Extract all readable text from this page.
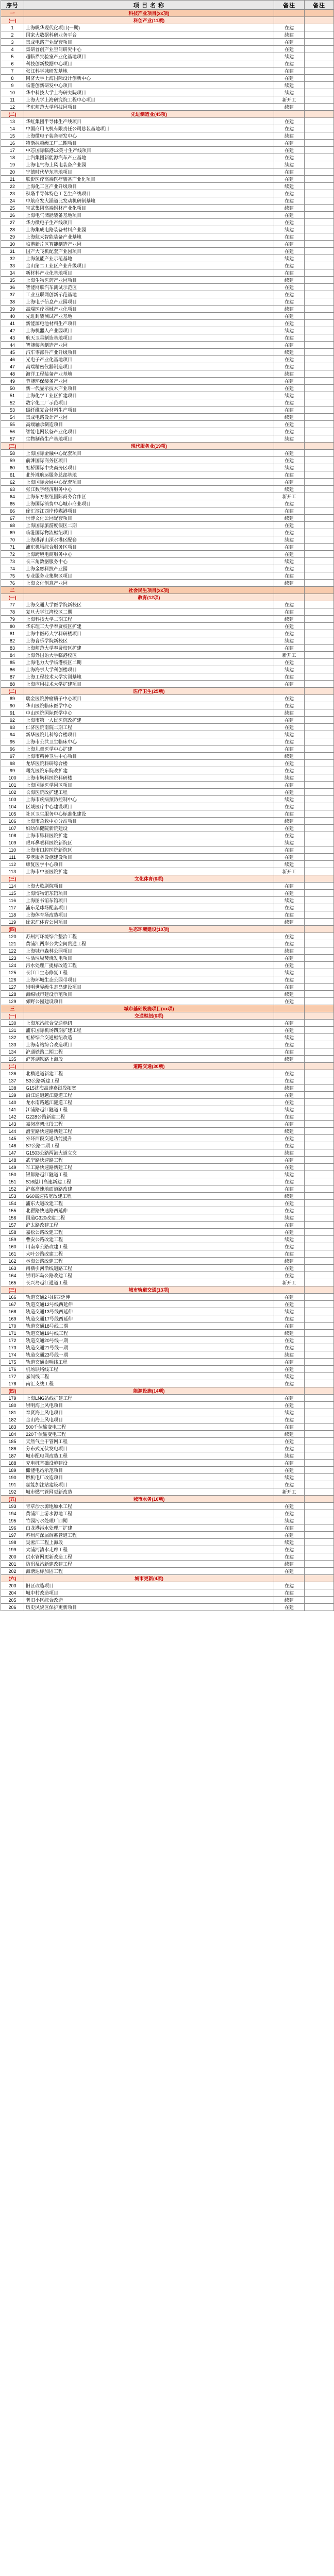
序号	项 目 名 称	备注	备注
一	科技产业项目(xx项)		
(一)	科创产业(11项)		
1	上海帆华现代化项目(一期)	在建	
2	国家大数据科研业务平台	续建	
3	集成电路产业配套项目	在建	
4	集研首创产业空间研究中心	在建	
5	超临界实验室产业化基地项目	续建	
6	科技创新数据中心项目	在建	
7	张江科学城研发基地	在建	
8	同济大学上海国际设计创新中心	在建	
9	临港创新研发中心项目	续建	
10	华中科技大学上海研究院项目	续建	
11	上海大学上海研究院工程中心项目	新开工	
12	华东师范大学科技园项目	续建	
(二)	先进制造业(45项)		
13	华虹集团半导体生产线项目	在建	
14	中国商用飞机有限责任公司总装基地项目	在建	
15	上海微电子装备研发中心	续建	
16	特斯拉超级工厂二期项目	在建	
17	中芯国际临港12英寸生产线项目	在建	
18	上汽集团新能源汽车产业基地	在建	
19	上海电气海上风电装备产业园	续建	
20	宁德时代华东基地项目	在建	
21	联影医疗高端医疗装备产业化项目	在建	
22	上海化工区产业升级项目	续建	
23	积塔半导体特色工艺生产线项目	在建	
24	中航商发大涵道比发动机研制基地	在建	
25	宝武集团高端钢材产业化项目	续建	
26	上海电气储能装备基地项目	在建	
27	华力微电子生产线项目	在建	
28	上海集成电路装备材料产业园	续建	
29	上海航天智能装备产业基地	在建	
30	临港新片区智能制造产业园	在建	
31	国产大飞机配套产业园项目	在建	
32	上海氢能产业示范基地	续建	
33	金山第二工业区产业升级项目	在建	
34	新材料产业化基地项目	在建	
35	上海生物医药产业园项目	续建	
36	智能网联汽车测试示范区	在建	
37	工业互联网创新示范基地	在建	
38	上海电子信息产业园项目	在建	
39	高端医疗器械产业化项目	续建	
40	先进封装测试产业基地	在建	
41	新能源电池材料生产项目	在建	
42	上海机器人产业园项目	续建	
43	航天卫星制造基地项目	在建	
44	智能装备制造产业园	在建	
45	汽车零部件产业升级项目	续建	
46	光电子产业化基地项目	在建	
47	高端精密仪器制造项目	在建	
48	海洋工程装备产业基地	续建	
49	节能环保装备产业园	在建	
50	新一代显示技术产业项目	在建	
51	上海化学工业区扩建项目	续建	
52	数字化工厂示范项目	在建	
53	碳纤维复合材料生产项目	在建	
54	集成电路设计产业园	续建	
55	高端轴承制造项目	在建	
56	智能电网装备产业化项目	在建	
57	生物制药生产基地项目	续建	
(三)	现代服务业(19项)		
58	上海国际金融中心配套项目	在建	
59	前滩国际商务区项目	在建	
60	虹桥国际中央商务区项目	续建	
61	北外滩航运服务总部基地	在建	
62	上海国际会展中心配套项目	在建	
63	张江数字经济服务中心	续建	
64	上海东方枢纽国际商务合作区	新开工	
65	上海国际消费中心城市商业项目	在建	
66	徐汇滨江西岸传媒港项目	在建	
67	世博文化公园配套项目	续建	
68	上海国际旅游度假区二期	在建	
69	临港国际物流枢纽项目	在建	
70	上海港洋山深水港区配套	续建	
71	浦东机场综合服务区项目	在建	
72	上海跨境电商服务中心	在建	
73	长三角数据服务中心	续建	
74	上海金融科技产业园	在建	
75	专业服务业集聚区项目	在建	
76	上海文化创意产业园	续建	
二	社会民生项目(xx项)		
(一)	教育(12项)		
77	上海交通大学医学院新校区	在建	
78	复旦大学江湾校区二期	在建	
79	上海科技大学二期工程	续建	
80	华东理工大学奉贤校区扩建	在建	
81	上海中医药大学科研楼项目	在建	
82	上海音乐学院新校区	续建	
83	上海师范大学奉贤校区扩建	在建	
84	上海外国语大学临港校区	新开工	
85	上海电力大学临港校区二期	在建	
86	上海海事大学科创楼项目	续建	
87	上海工程技术大学实训基地	在建	
88	上海应用技术大学扩建项目	在建	
(二)	医疗卫生(25项)		
89	瑞金医院肿瘤质子中心项目	在建	
90	华山医院临床医学中心	在建	
91	中山医院国际医学中心	续建	
92	上海市第一人民医院改扩建	在建	
93	仁济医院南院二期工程	在建	
94	新华医院儿科综合楼项目	续建	
95	上海市公共卫生临床中心	在建	
96	上海儿童医学中心扩建	在建	
97	上海市精神卫生中心项目	续建	
98	龙华医院科研综合楼	在建	
99	曙光医院东院改扩建	在建	
100	上海市胸科医院科研楼	续建	
101	上海国际医学园区项目	在建	
102	长海医院改扩建工程	在建	
103	上海市疾病预防控制中心	续建	
104	区域医疗中心建设项目	在建	
105	社区卫生服务中心标准化建设	在建	
106	上海市急救中心分站项目	续建	
107	妇幼保健院新院建设	在建	
108	上海市肺科医院扩建	在建	
109	眼耳鼻喉科医院新院区	续建	
110	上海市口腔医院新院区	在建	
111	养老服务设施建设项目	在建	
112	康复医学中心项目	续建	
113	上海市中医医院扩建	新开工	
(三)	文化体育(6项)		
114	上海大歌剧院项目	在建	
115	上海博物馆东馆项目	在建	
116	上海图书馆东馆项目	续建	
117	浦东足球场配套项目	在建	
118	上海体育场改造项目	在建	
119	徐家汇体育公园项目	续建	
(四)	生态环境建设(10项)		
120	苏州河环境综合整治工程	在建	
121	黄浦江两岸公共空间贯通工程	在建	
122	上海城市森林公园项目	续建	
123	生活垃圾焚烧发电项目	在建	
124	污水处理厂提标改造工程	在建	
125	长江口生态修复工程	续建	
126	上海环城生态公园带项目	在建	
127	崇明世界级生态岛建设项目	在建	
128	海绵城市建设示范项目	续建	
129	郊野公园建设项目	在建	
三	城市基础设施项目(xx项)		
(一)	交通枢纽(6项)		
130	上海东站综合交通枢纽	在建	
131	浦东国际机场四期扩建工程	在建	
132	虹桥综合交通枢纽改造	续建	
133	上海南站综合改造项目	在建	
134	沪通铁路二期工程	在建	
135	沪苏湖铁路上海段	续建	
(二)	道路交通(30项)		
136	北横通道新建工程	在建	
137	S3公路新建工程	在建	
138	G15沈海高速嘉浏段拓宽	续建	
139	沿江通道越江隧道工程	在建	
140	龙水南路越江隧道工程	在建	
141	江浦路越江隧道工程	续建	
142	G228公路新建工程	在建	
143	嘉闵高架北段工程	在建	
144	漕宝路快速路新建工程	续建	
145	外环西段交通功能提升	在建	
146	S7公路二期工程	在建	
147	G1503公路两港大道立交	续建	
148	武宁路快速路工程	在建	
149	军工路快速路新建工程	在建	
150	银都路越江隧道工程	续建	
151	S16蕰川高速新建工程	在建	
152	沪嘉高速地面道路改建	在建	
153	G60高速拓宽改建工程	续建	
154	浦东大道改建工程	在建	
155	北翟路快速路西延伸	在建	
156	国道G320改建工程	续建	
157	沪太路改建工程	在建	
158	嘉松公路改建工程	在建	
159	曹安公路改建工程	续建	
160	川南奉公路改建工程	在建	
161	大叶公路改建工程	在建	
162	林海公路改建工程	续建	
163	南横引河沿线道路工程	在建	
164	崇明环岛公路改建工程	在建	
165	长兴岛越江通道工程	新开工	
(三)	城市轨道交通(13项)		
166	轨道交通2号线西延伸	在建	
167	轨道交通12号线西延伸	在建	
168	轨道交通13号线西延伸	续建	
169	轨道交通17号线西延伸	在建	
170	轨道交通18号线二期	在建	
171	轨道交通19号线工程	续建	
172	轨道交通20号线一期	在建	
173	轨道交通21号线一期	在建	
174	轨道交通23号线一期	续建	
175	轨道交通崇明线工程	在建	
176	机场联络线工程	在建	
177	嘉闵线工程	续建	
178	南汇支线工程	在建	
(四)	能源设施(14项)		
179	上海LNG站线扩建工程	在建	
180	崇明海上风电项目	在建	
181	奉贤海上风电项目	续建	
182	金山海上风电项目	在建	
183	500千伏输变电工程	在建	
184	220千伏输变电工程	续建	
185	天然气主干管网工程	在建	
186	分布式光伏发电项目	在建	
187	城市配电网改造工程	续建	
188	充电桩基础设施建设	在建	
189	储能电站示范项目	在建	
190	燃机电厂改造项目	续建	
191	氢能加注站建设项目	在建	
192	城市燃气管网更新改造	新开工	
(五)	城市水务(10项)		
193	青草沙水源地原水工程	在建	
194	黄浦江上游水源地工程	在建	
195	竹园污水处理厂四期	续建	
196	白龙港污水处理厂扩建	在建	
197	苏州河深层调蓄管道工程	在建	
198	吴淞江工程上海段	续建	
199	太浦河清水走廊工程	在建	
200	供水管网更新改造工程	在建	
201	防汛泵站新建改建工程	续建	
202	海塘达标加固工程	在建	
(六)	城市更新(4项)		
203	旧区改造项目	在建	
204	城中村改造项目	在建	
205	老旧小区综合改造	续建	
206	历史风貌区保护更新项目	在建	
